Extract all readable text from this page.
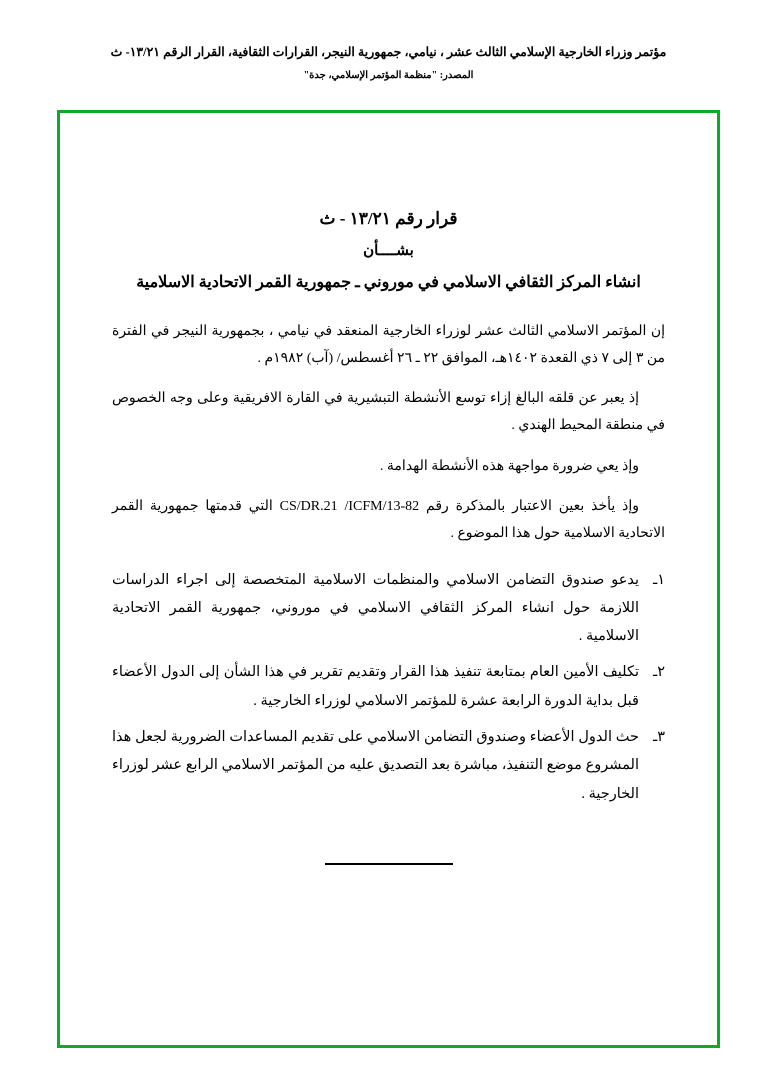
مؤتمر وزراء الخارجية الإسلامي الثالث عشر ، نيامي، جمهورية النيجر، القرارات الثقافية، القرار الرقم ١٣/٢١- ث
المصدر: "منظمة المؤتمر الإسلامي، جدة"
قرار رقم ١٣/٢١ - ث
بشــــأن
انشاء المركز الثقافي الاسلامي في موروني ـ جمهورية القمر الاتحادية الاسلامية
إن المؤتمر الاسلامي الثالث عشر لوزراء الخارجية المنعقد في نيامي ، بجمهورية النيجر في الفترة من ٣ إلى ٧ ذي القعدة ١٤٠٢هـ، الموافق ٢٢ ـ ٢٦ أغسطس/ (آب) ١٩٨٢م .
إذ يعبر عن قلقه البالغ إزاء توسع الأنشطة التبشيرية في القارة الافريقية وعلى وجه الخصوص في منطقة المحيط الهندي .
وإذ يعي ضرورة مواجهة هذه الأنشطة الهدامة .
وإذ يأخذ بعين الاعتبار بالمذكرة رقم CS/DR.21 /ICFM/13-82 التي قدمتها جمهورية القمر الاتحادية الاسلامية حول هذا الموضوع .
١ـ
يدعو صندوق التضامن الاسلامي والمنظمات الاسلامية المتخصصة إلى اجراء الدراسات اللازمة حول انشاء المركز الثقافي الاسلامي في موروني، جمهورية القمر الاتحادية الاسلامية .
٢ـ
تكليف الأمين العام بمتابعة تنفيذ هذا القرار وتقديم تقرير في هذا الشأن إلى الدول الأعضاء قبل بداية الدورة الرابعة عشرة للمؤتمر الاسلامي لوزراء الخارجية .
٣ـ
حث الدول الأعضاء وصندوق التضامن الاسلامي على تقديم المساعدات الضرورية لجعل هذا المشروع موضع التنفيذ، مباشرة بعد التصديق عليه من المؤتمر الاسلامي الرابع عشر لوزراء الخارجية .
